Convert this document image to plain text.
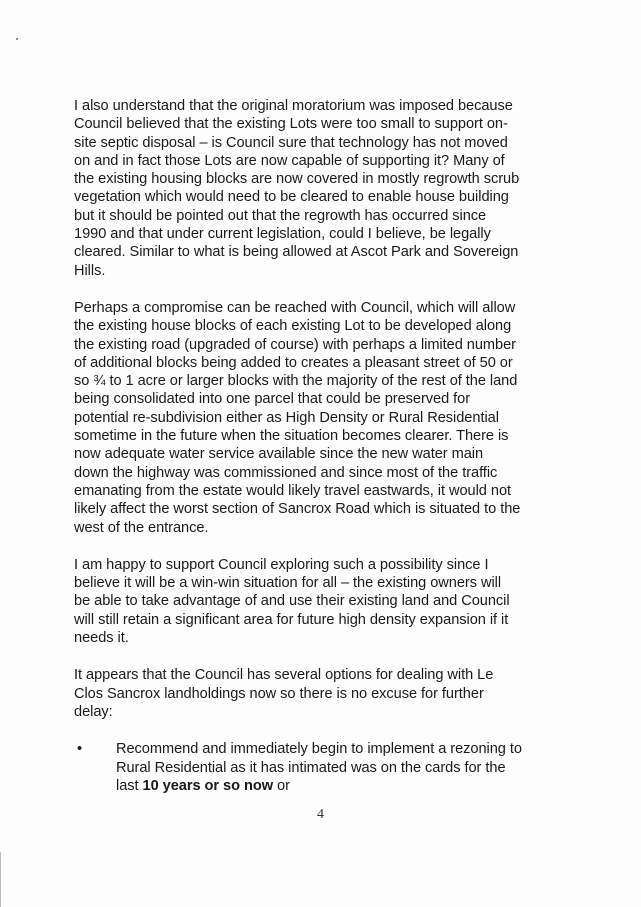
I also understand that the original moratorium was imposed because
Council believed that the existing Lots were too small to support on-
site septic disposal – is Council sure that technology has not moved
on and in fact those Lots are now capable of supporting it? Many of
the existing housing blocks are now covered in mostly regrowth scrub
vegetation which would need to be cleared to enable house building
but it should be pointed out that the regrowth has occurred since
1990 and that under current legislation, could I believe, be legally
cleared. Similar to what is being allowed at Ascot Park and Sovereign
Hills.

Perhaps a compromise can be reached with Council, which will allow
the existing house blocks of each existing Lot to be developed along
the existing road (upgraded of course) with perhaps a limited number
of additional blocks being added to creates a pleasant street of 50 or
so ¾ to 1 acre or larger blocks with the majority of the rest of the land
being consolidated into one parcel that could be preserved for
potential re-subdivision either as High Density or Rural Residential
sometime in the future when the situation becomes clearer. There is
now adequate water service available since the new water main
down the highway was commissioned and since most of the traffic
emanating from the estate would likely travel eastwards, it would not
likely affect the worst section of Sancrox Road which is situated to the
west of the entrance.

I am happy to support Council exploring such a possibility since I
believe it will be a win-win situation for all – the existing owners will
be able to take advantage of and use their existing land and Council
will still retain a significant area for future high density expansion if it
needs it.

It appears that the Council has several options for dealing with Le
Clos Sancrox landholdings now so there is no excuse for further
delay:

• Recommend and immediately begin to implement a rezoning to
Rural Residential as it has intimated was on the cards for the
last 10 years or so now or

4
